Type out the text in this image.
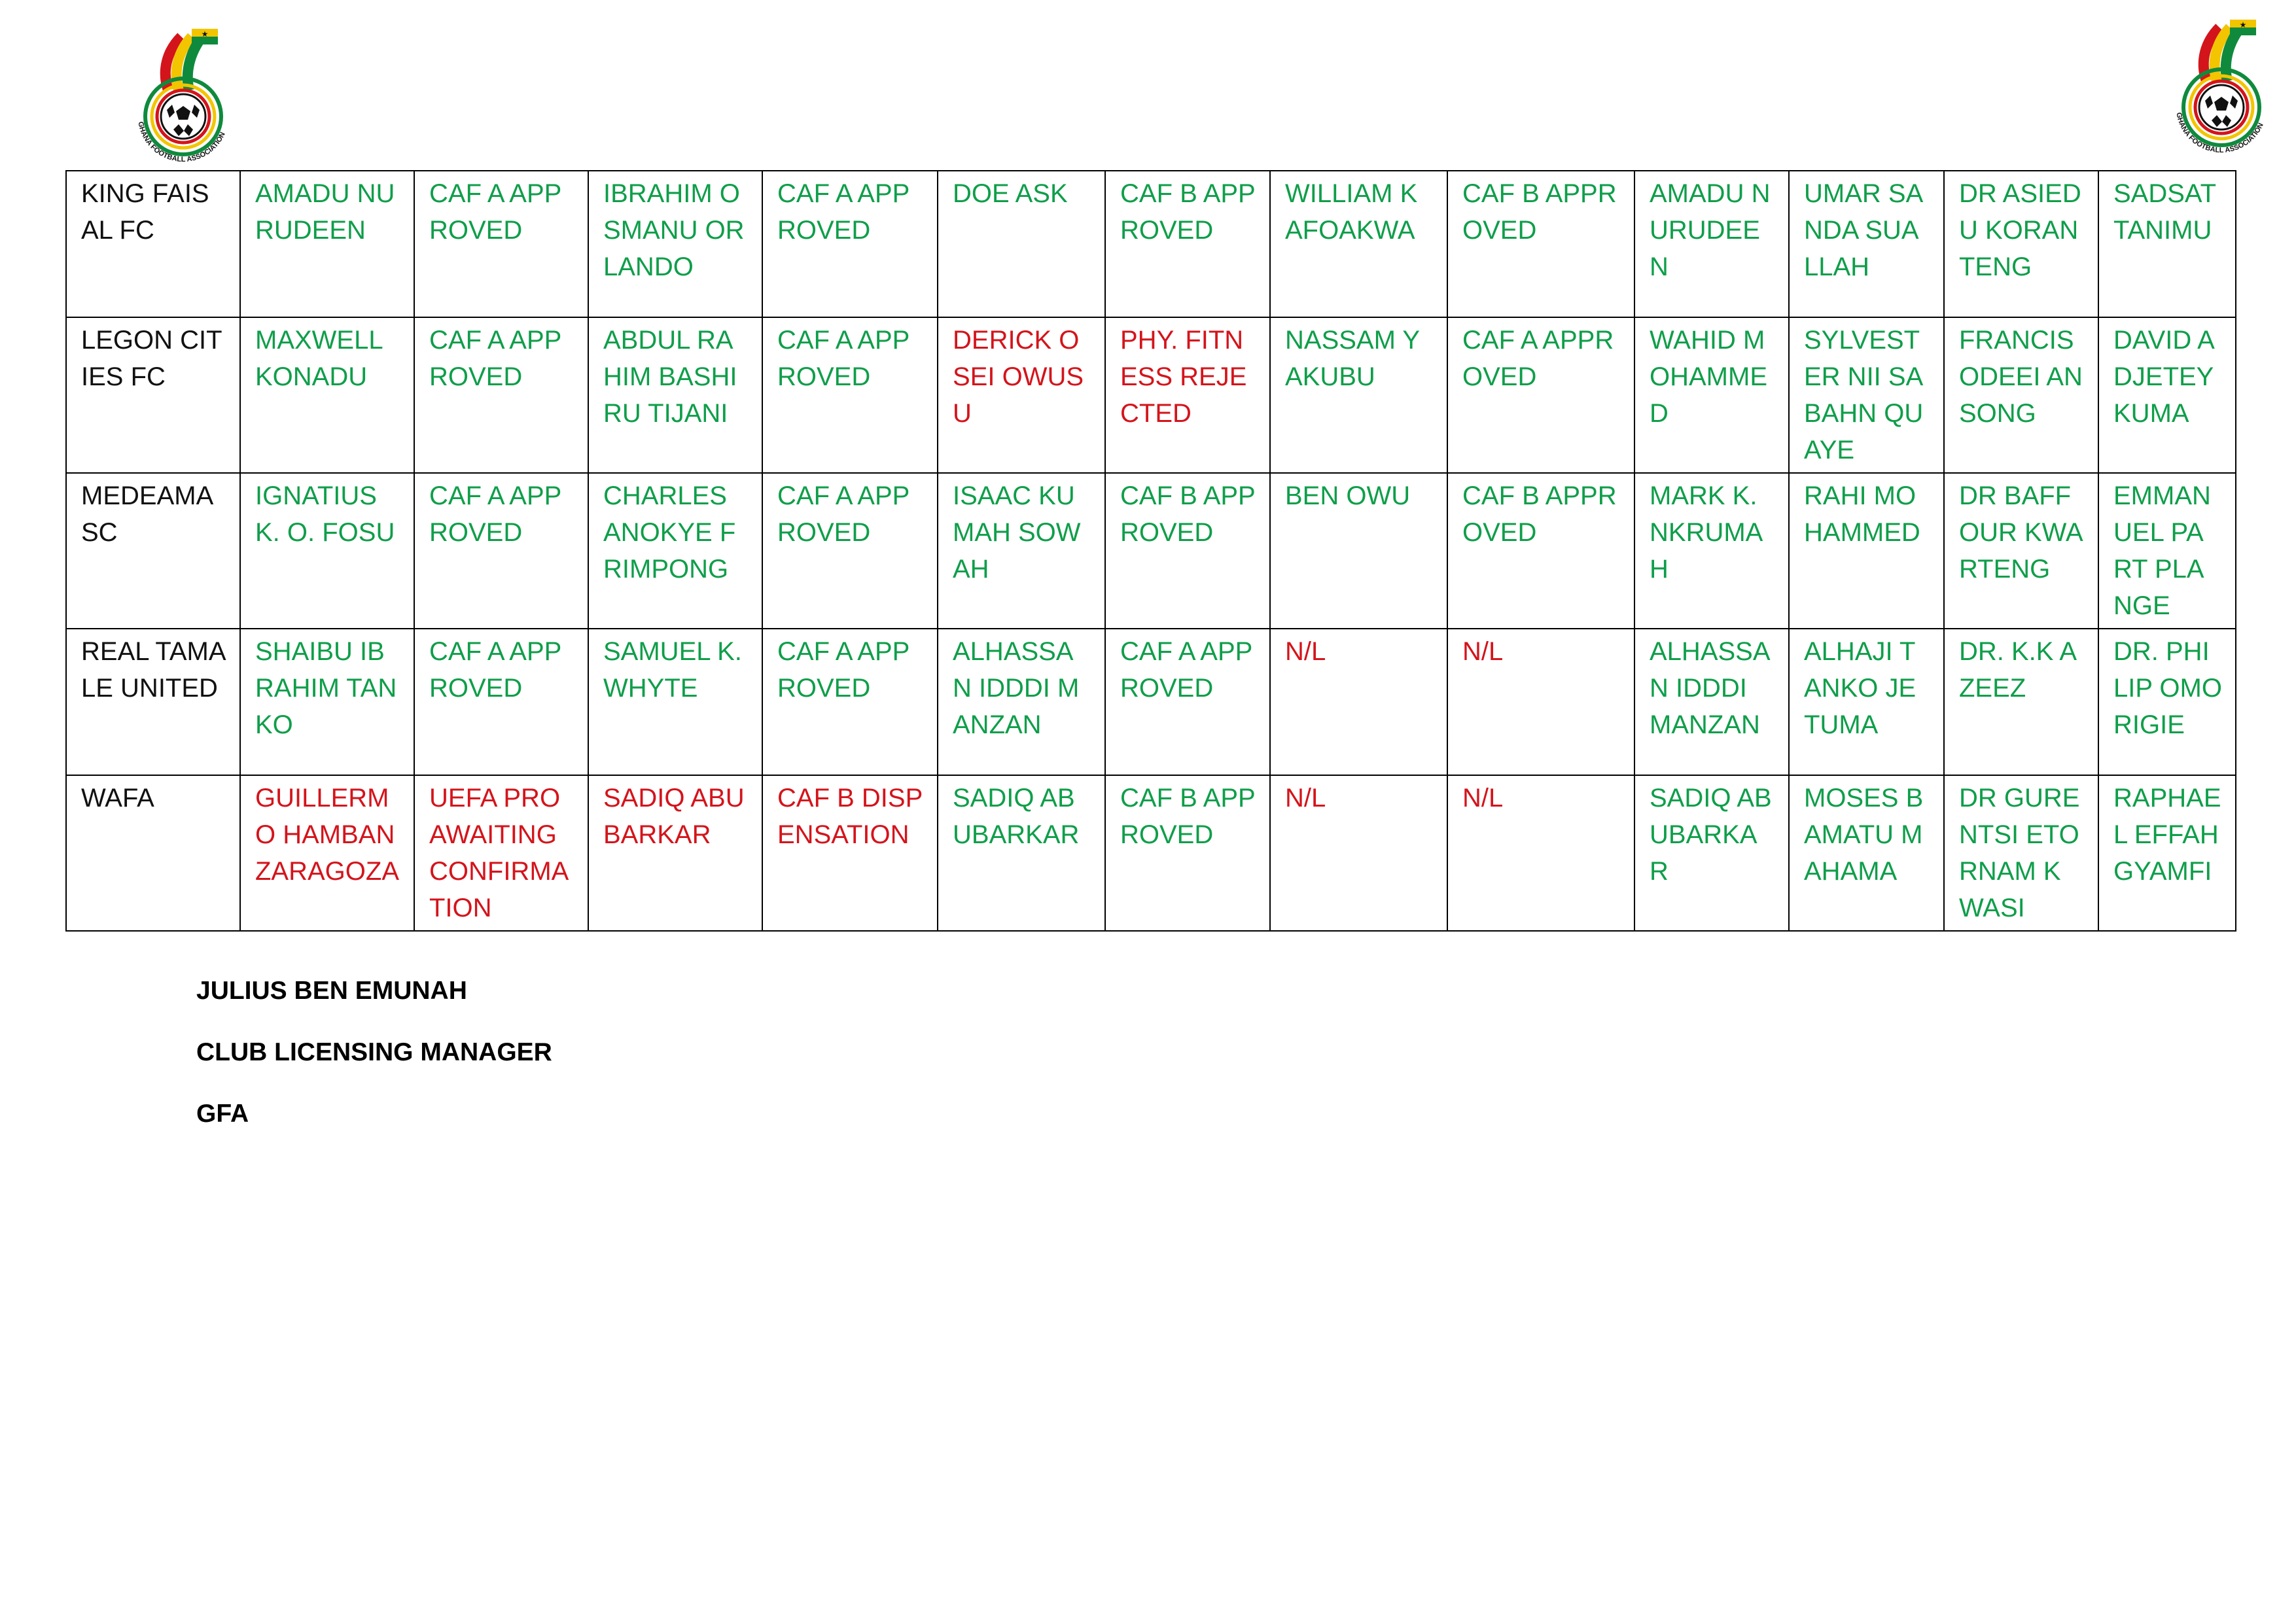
★
GHANA FOOTBALL ASSOCIATION
★
GHANA FOOTBALL ASSOCIATION
KING FAISAL FC	AMADU NURUDEEN	CAF A APPROVED	IBRAHIM OSMANU ORLANDO	CAF A APPROVED	DOE ASK	CAF B APPROVED	WILLIAM K AFOAKWA	CAF B APPROVED	AMADU NURUDEEN	UMAR SANDA SUALLAH	DR ASIEDU KORANTENG	SADSAT TANIMU
LEGON CITIES FC	MAXWELL KONADU	CAF A APPROVED	ABDUL RAHIM BASHIRU TIJANI	CAF A APPROVED	DERICK OSEI OWUSU	PHY. FITNESS REJECTED	NASSAM YAKUBU	CAF A APPROVED	WAHID MOHAMMED	SYLVESTER NII SABAHN QUAYE	FRANCIS ODEEI ANSONG	DAVID ADJETEY KUMA
MEDEAMA SC	IGNATIUS K. O. FOSU	CAF A APPROVED	CHARLES ANOKYE FRIMPONG	CAF A APPROVED	ISAAC KUMAH SOWAH	CAF B APPROVED	BEN OWU	CAF B APPROVED	MARK K. NKRUMAH	RAHI MOHAMMED	DR BAFFOUR KWARTENG	EMMANUEL PART PLANGE
REAL TAMALE UNITED	SHAIBU IBRAHIM TANKO	CAF A APPROVED	SAMUEL K. WHYTE	CAF A APPROVED	ALHASSAN IDDDI MANZAN	CAF A APPROVED	N/L	N/L	ALHASSAN IDDDI MANZAN	ALHAJI TANKO JETUMA	DR. K.K AZEEZ	DR. PHILIP OMORIGIE
WAFA	GUILLERMO HAMBAN ZARAGOZA	UEFA PRO AWAITING CONFIRMATION	SADIQ ABUBARKAR	CAF B DISPENSATION	SADIQ ABUBARKAR	CAF B APPROVED	N/L	N/L	SADIQ ABUBARKAR	MOSES BAMATU MAHAMA	DR GURENTSI ETORNAM KWASI	RAPHAEL EFFAH GYAMFI
JULIUS BEN EMUNAH
CLUB LICENSING MANAGER
GFA
